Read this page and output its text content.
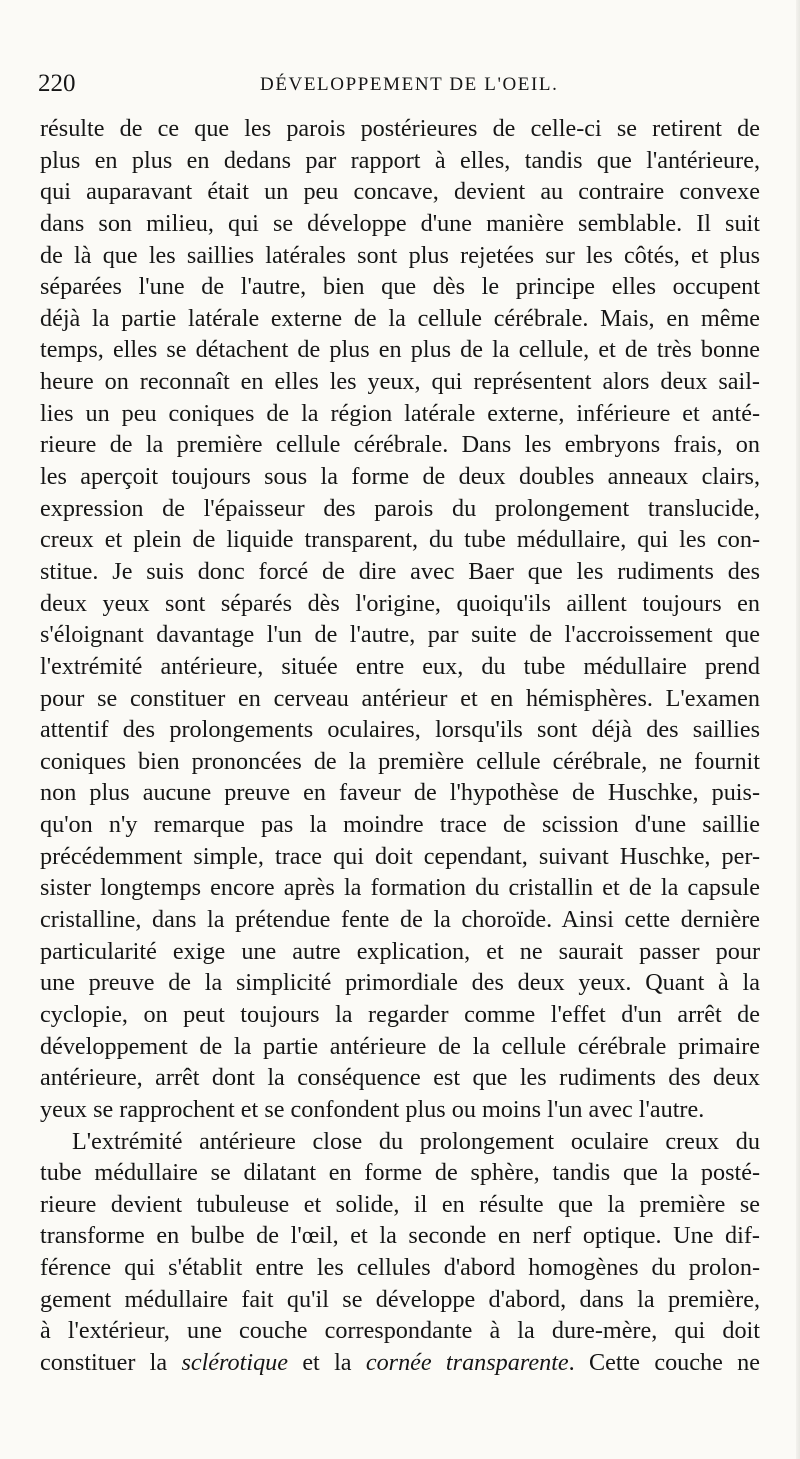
220	DÉVELOPPEMENT DE L'OEIL.
résulte de ce que les parois postérieures de celle-ci se retirent de
plus en plus en dedans par rapport à elles, tandis que l'antérieure,
qui auparavant était un peu concave, devient au contraire convexe
dans son milieu, qui se développe d'une manière semblable. Il suit
de là que les saillies latérales sont plus rejetées sur les côtés, et plus
séparées l'une de l'autre, bien que dès le principe elles occupent
déjà la partie latérale externe de la cellule cérébrale. Mais, en même
temps, elles se détachent de plus en plus de la cellule, et de très bonne
heure on reconnaît en elles les yeux, qui représentent alors deux sail-
lies un peu coniques de la région latérale externe, inférieure et anté-
rieure de la première cellule cérébrale. Dans les embryons frais, on
les aperçoit toujours sous la forme de deux doubles anneaux clairs,
expression de l'épaisseur des parois du prolongement translucide,
creux et plein de liquide transparent, du tube médullaire, qui les con-
stitue. Je suis donc forcé de dire avec Baer que les rudiments des
deux yeux sont séparés dès l'origine, quoiqu'ils aillent toujours en
s'éloignant davantage l'un de l'autre, par suite de l'accroissement que
l'extrémité antérieure, située entre eux, du tube médullaire prend
pour se constituer en cerveau antérieur et en hémisphères. L'examen
attentif des prolongements oculaires, lorsqu'ils sont déjà des saillies
coniques bien prononcées de la première cellule cérébrale, ne fournit
non plus aucune preuve en faveur de l'hypothèse de Huschke, puis-
qu'on n'y remarque pas la moindre trace de scission d'une saillie
précédemment simple, trace qui doit cependant, suivant Huschke, per-
sister longtemps encore après la formation du cristallin et de la capsule
cristalline, dans la prétendue fente de la choroïde. Ainsi cette dernière
particularité exige une autre explication, et ne saurait passer pour
une preuve de la simplicité primordiale des deux yeux. Quant à la
cyclopie, on peut toujours la regarder comme l'effet d'un arrêt de
développement de la partie antérieure de la cellule cérébrale primaire
antérieure, arrêt dont la conséquence est que les rudiments des deux
yeux se rapprochent et se confondent plus ou moins l'un avec l'autre.
L'extrémité antérieure close du prolongement oculaire creux du
tube médullaire se dilatant en forme de sphère, tandis que la posté-
rieure devient tubuleuse et solide, il en résulte que la première se
transforme en bulbe de l'œil, et la seconde en nerf optique. Une dif-
férence qui s'établit entre les cellules d'abord homogènes du prolon-
gement médullaire fait qu'il se développe d'abord, dans la première,
à l'extérieur, une couche correspondante à la dure-mère, qui doit
constituer la sclérotique et la cornée transparente. Cette couche ne
